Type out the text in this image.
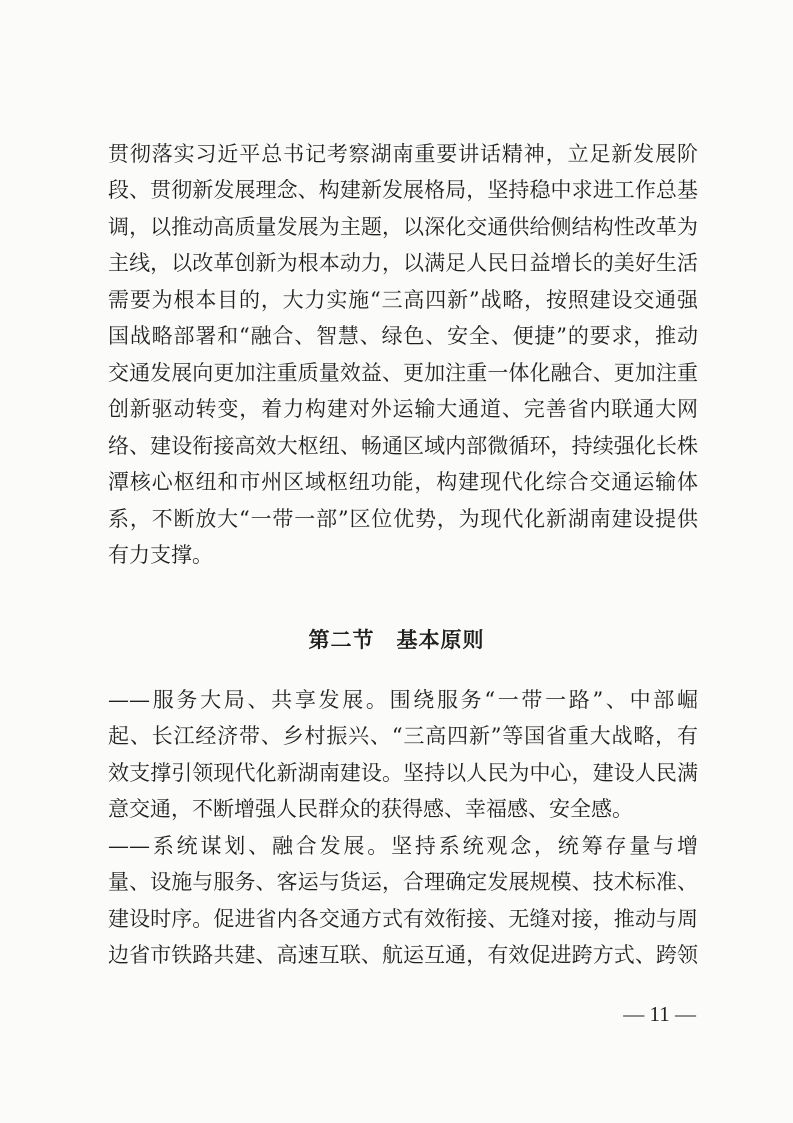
贯彻落实习近平总书记考察湖南重要讲话精神，立足新发展阶
段、贯彻新发展理念、构建新发展格局，坚持稳中求进工作总基
调，以推动高质量发展为主题，以深化交通供给侧结构性改革为
主线，以改革创新为根本动力，以满足人民日益增长的美好生活
需要为根本目的，大力实施“三高四新”战略，按照建设交通强
国战略部署和“融合、智慧、绿色、安全、便捷”的要求，推动
交通发展向更加注重质量效益、更加注重一体化融合、更加注重
创新驱动转变，着力构建对外运输大通道、完善省内联通大网
络、建设衔接高效大枢纽、畅通区域内部微循环，持续强化长株
潭核心枢纽和市州区域枢纽功能，构建现代化综合交通运输体
系，不断放大“一带一部”区位优势，为现代化新湖南建设提供
有力支撑。
第二节　基本原则
——服务大局、共享发展。围绕服务“一带一路”、中部崛
起、长江经济带、乡村振兴、“三高四新”等国省重大战略，有
效支撑引领现代化新湖南建设。坚持以人民为中心，建设人民满
意交通，不断增强人民群众的获得感、幸福感、安全感。
——系统谋划、融合发展。坚持系统观念，统筹存量与增
量、设施与服务、客运与货运，合理确定发展规模、技术标准、
建设时序。促进省内各交通方式有效衔接、无缝对接，推动与周
边省市铁路共建、高速互联、航运互通，有效促进跨方式、跨领
— 11 —
